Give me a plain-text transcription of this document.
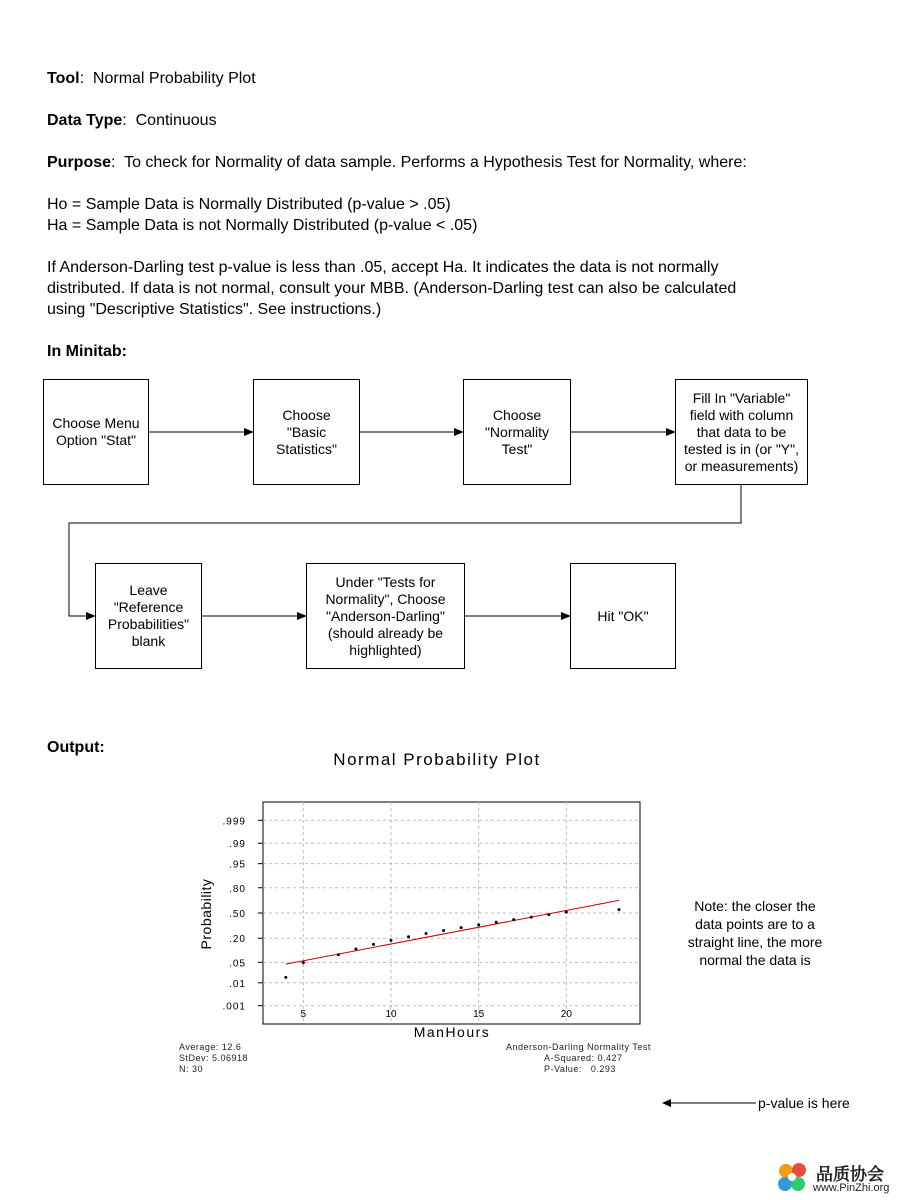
Tool:  Normal Probability Plot
Data Type:  Continuous
Purpose:  To check for Normality of data sample. Performs a Hypothesis Test for Normality, where:
Ho = Sample Data is Normally Distributed (p-value > .05)
Ha = Sample Data is not Normally Distributed (p-value < .05)
If Anderson-Darling test p-value is less than .05, accept Ha. It indicates the data is not normally
distributed. If data is not normal, consult your MBB. (Anderson-Darling test can also be calculated
using "Descriptive Statistics". See instructions.)
In Minitab:
Choose Menu
Option "Stat"
Choose
"Basic
Statistics"
Choose
"Normality
Test"
Fill In "Variable"
field with column
that data to be
tested is in (or "Y",
or measurements)
Leave
"Reference
Probabilities"
blank
Under "Tests for
Normality", Choose
"Anderson-Darling"
(should already be
highlighted)
Hit "OK"
Output:
Normal Probability Plot
.999
.99
.95
.80
.50
.20
.05
.01
.001
5	10	15	20
Probability
ManHours
Average: 12.6
StDev: 5.06918
N: 30
Anderson-Darling Normality Test
A-Squared: 0.427
P-Value:   0.293
Note: the closer the
data points are to a
straight line, the more
normal the data is
p-value is here
品质协会
www.PinZhi.org
